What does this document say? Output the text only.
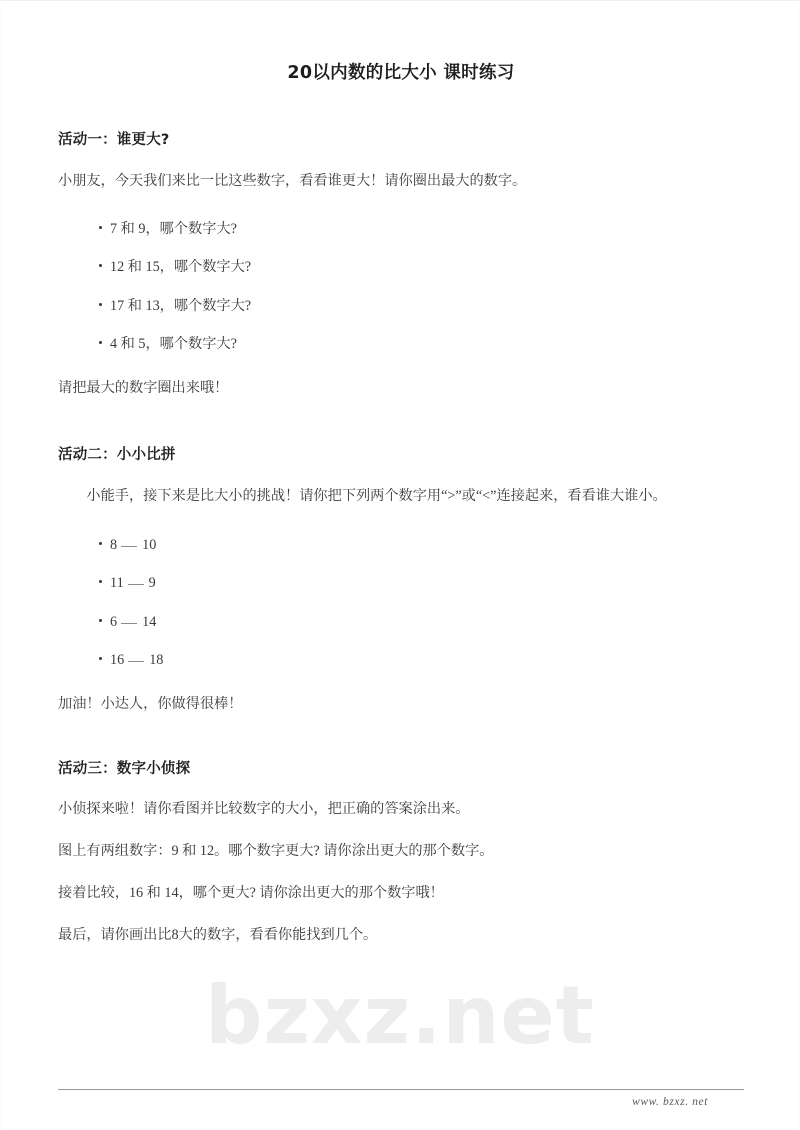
bzxz.net
20以内数的比大小 课时练习
活动一：谁更大?

小朋友，今天我们来比一比这些数字，看看谁更大！请你圈出最大的数字。

7 和 9，哪个数字大?
12 和 15，哪个数字大?
17 和 13，哪个数字大?
4 和 5，哪个数字大?

请把最大的数字圈出来哦！

活动二：小小比拼

小能手，接下来是比大小的挑战！请你把下列两个数字用“>”或“<”连接起来，看看谁大谁小。

8 10
11 9
6 14
16 18

加油！小达人，你做得很棒！

活动三：数字小侦探

小侦探来啦！请你看图并比较数字的大小，把正确的答案涂出来。

图上有两组数字：9 和 12。哪个数字更大? 请你涂出更大的那个数字。

接着比较，16 和 14，哪个更大? 请你涂出更大的那个数字哦！

最后，请你画出比8大的数字，看看你能找到几个。

www. bzxz. net
